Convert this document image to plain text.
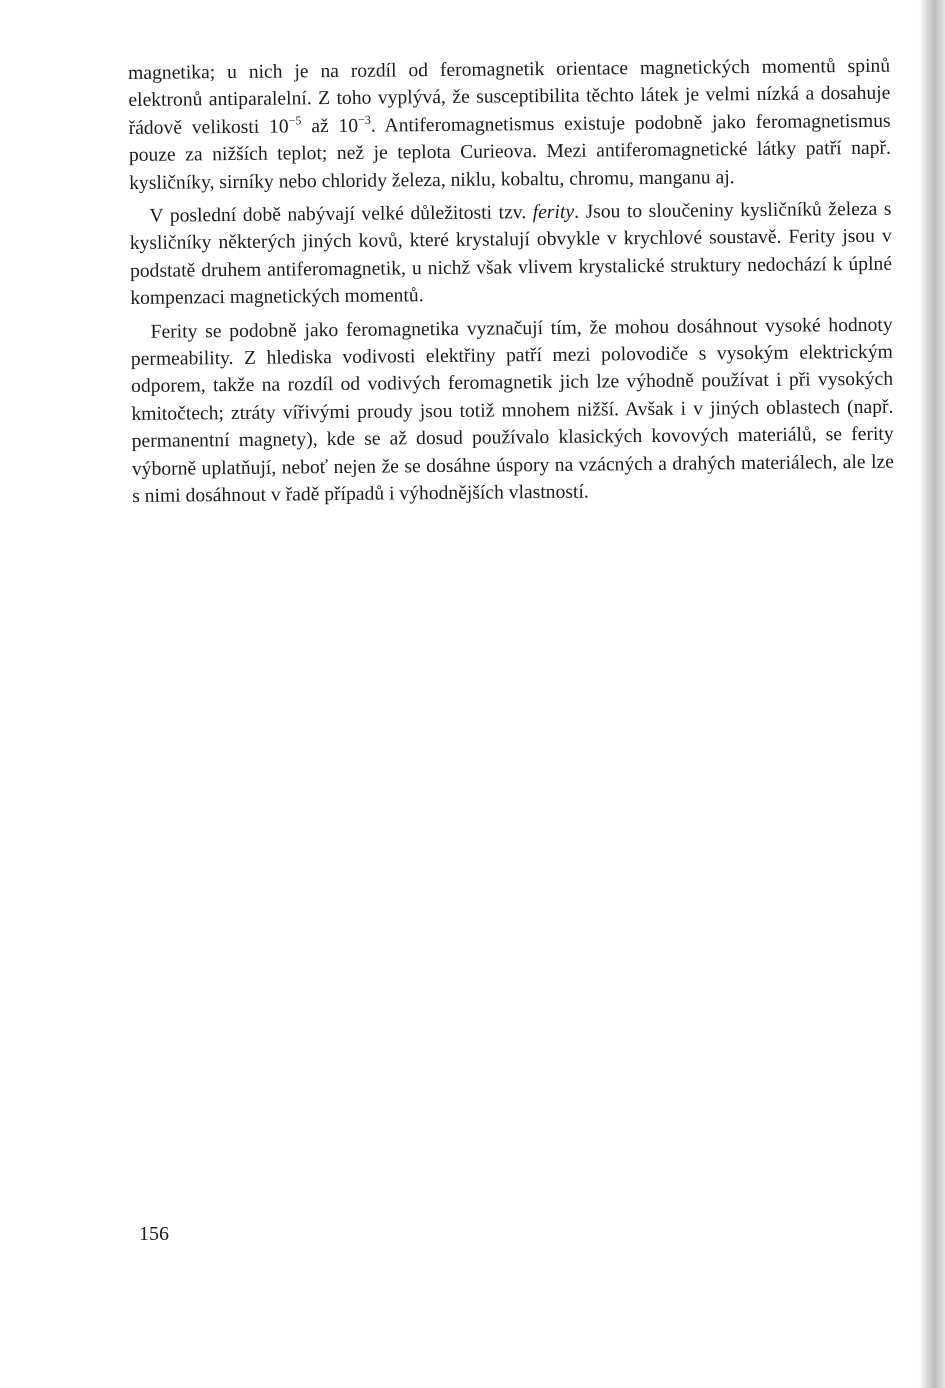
magnetika; u nich je na rozdíl od feromagnetik orientace magnetických momentů spinů elektronů antiparalelní. Z toho vyplývá, že susceptibilita těchto látek je velmi nízká a dosahuje řádově velikosti $10^{-5}$ až $10^{-3}$. Antiferomagnetismus existuje podobně jako feromagnetismus pouze za nižších teplot; než je teplota Curieova. Mezi antiferomagnetické látky patří např. kysličníky, sirníky nebo chloridy železa, niklu, kobaltu, chromu, manganu aj.

V poslední době nabývají velké důležitosti tzv. ferity. Jsou to sloučeniny kysličníků železa s kysličníky některých jiných kovů, které krystalují obvykle v krychlové soustavě. Ferity jsou v podstatě druhem antiferomagnetik, u nichž však vlivem krystalické struktury nedochází k úplné kompenzaci magnetických momentů.

Ferity se podobně jako feromagnetika vyznačují tím, že mohou dosáhnout vysoké hodnoty permeability. Z hlediska vodivosti elektřiny patří mezi polovodiče s vysokým elektrickým odporem, takže na rozdíl od vodivých feromagnetik jich lze výhodně používat i při vysokých kmitočtech; ztráty vířivými proudy jsou totiž mnohem nižší. Avšak i v jiných oblastech (např. permanentní magnety), kde se až dosud používalo klasických kovových materiálů, se ferity výborně uplatňují, neboť nejen že se dosáhne úspory na vzácných a drahých materiálech, ale lze s nimi dosáhnout v řadě případů i výhodnějších vlastností.

156
